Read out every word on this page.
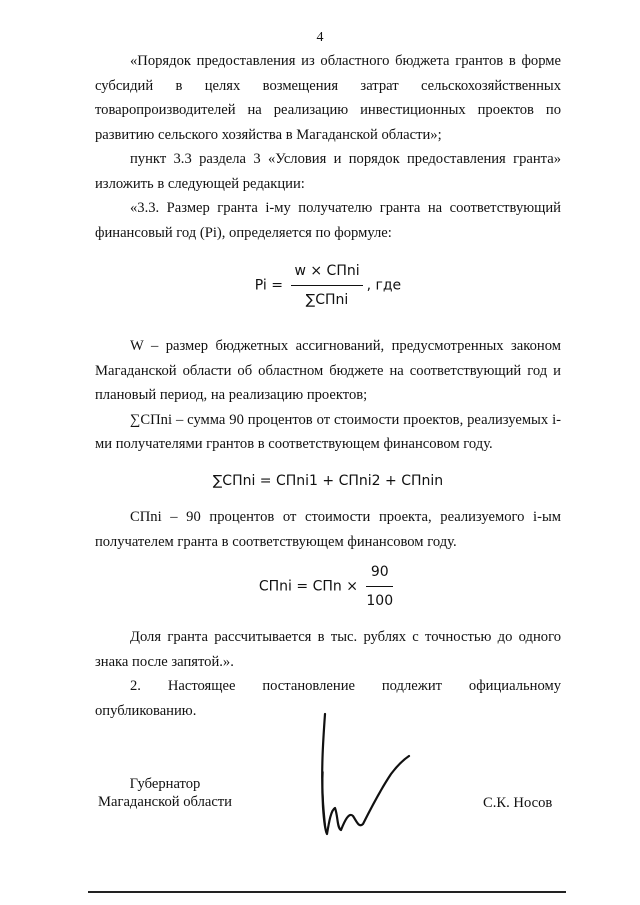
4

«Порядок предоставления из областного бюджета грантов в форме субсидий в целях возмещения затрат сельскохозяйственных товаропроизводителей на реализацию инвестиционных проектов по развитию сельского хозяйства в Магаданской области»;

пункт 3.3 раздела 3 «Условия и порядок предоставления гранта» изложить в следующей редакции:

«3.3. Размер гранта i-му получателю гранта на соответствующий финансовый год (Pi), определяется по формуле:

$Pi = \frac{\text{w × СПni}}{\text{∑СПni}}$ , где

W – размер бюджетных ассигнований, предусмотренных законом Магаданской области об областном бюджете на соответствующий год и плановый период, на реализацию проектов;

∑СПni – сумма 90 процентов от стоимости проектов, реализуемых i-ми получателями грантов в соответствующем финансовом году.

∑СПni = СПni1 + СПni2 + СПnin

СПni – 90 процентов от стоимости проекта, реализуемого i-ым получателем гранта в соответствующем финансовом году.

СПni = СПn × $\frac{90}{100}$

Доля гранта рассчитывается в тыс. рублях с точностью до одного знака после запятой.».

2. Настоящее постановление подлежит официальному опубликованию.

Губернатор
Магаданской области	С.К. Носов
